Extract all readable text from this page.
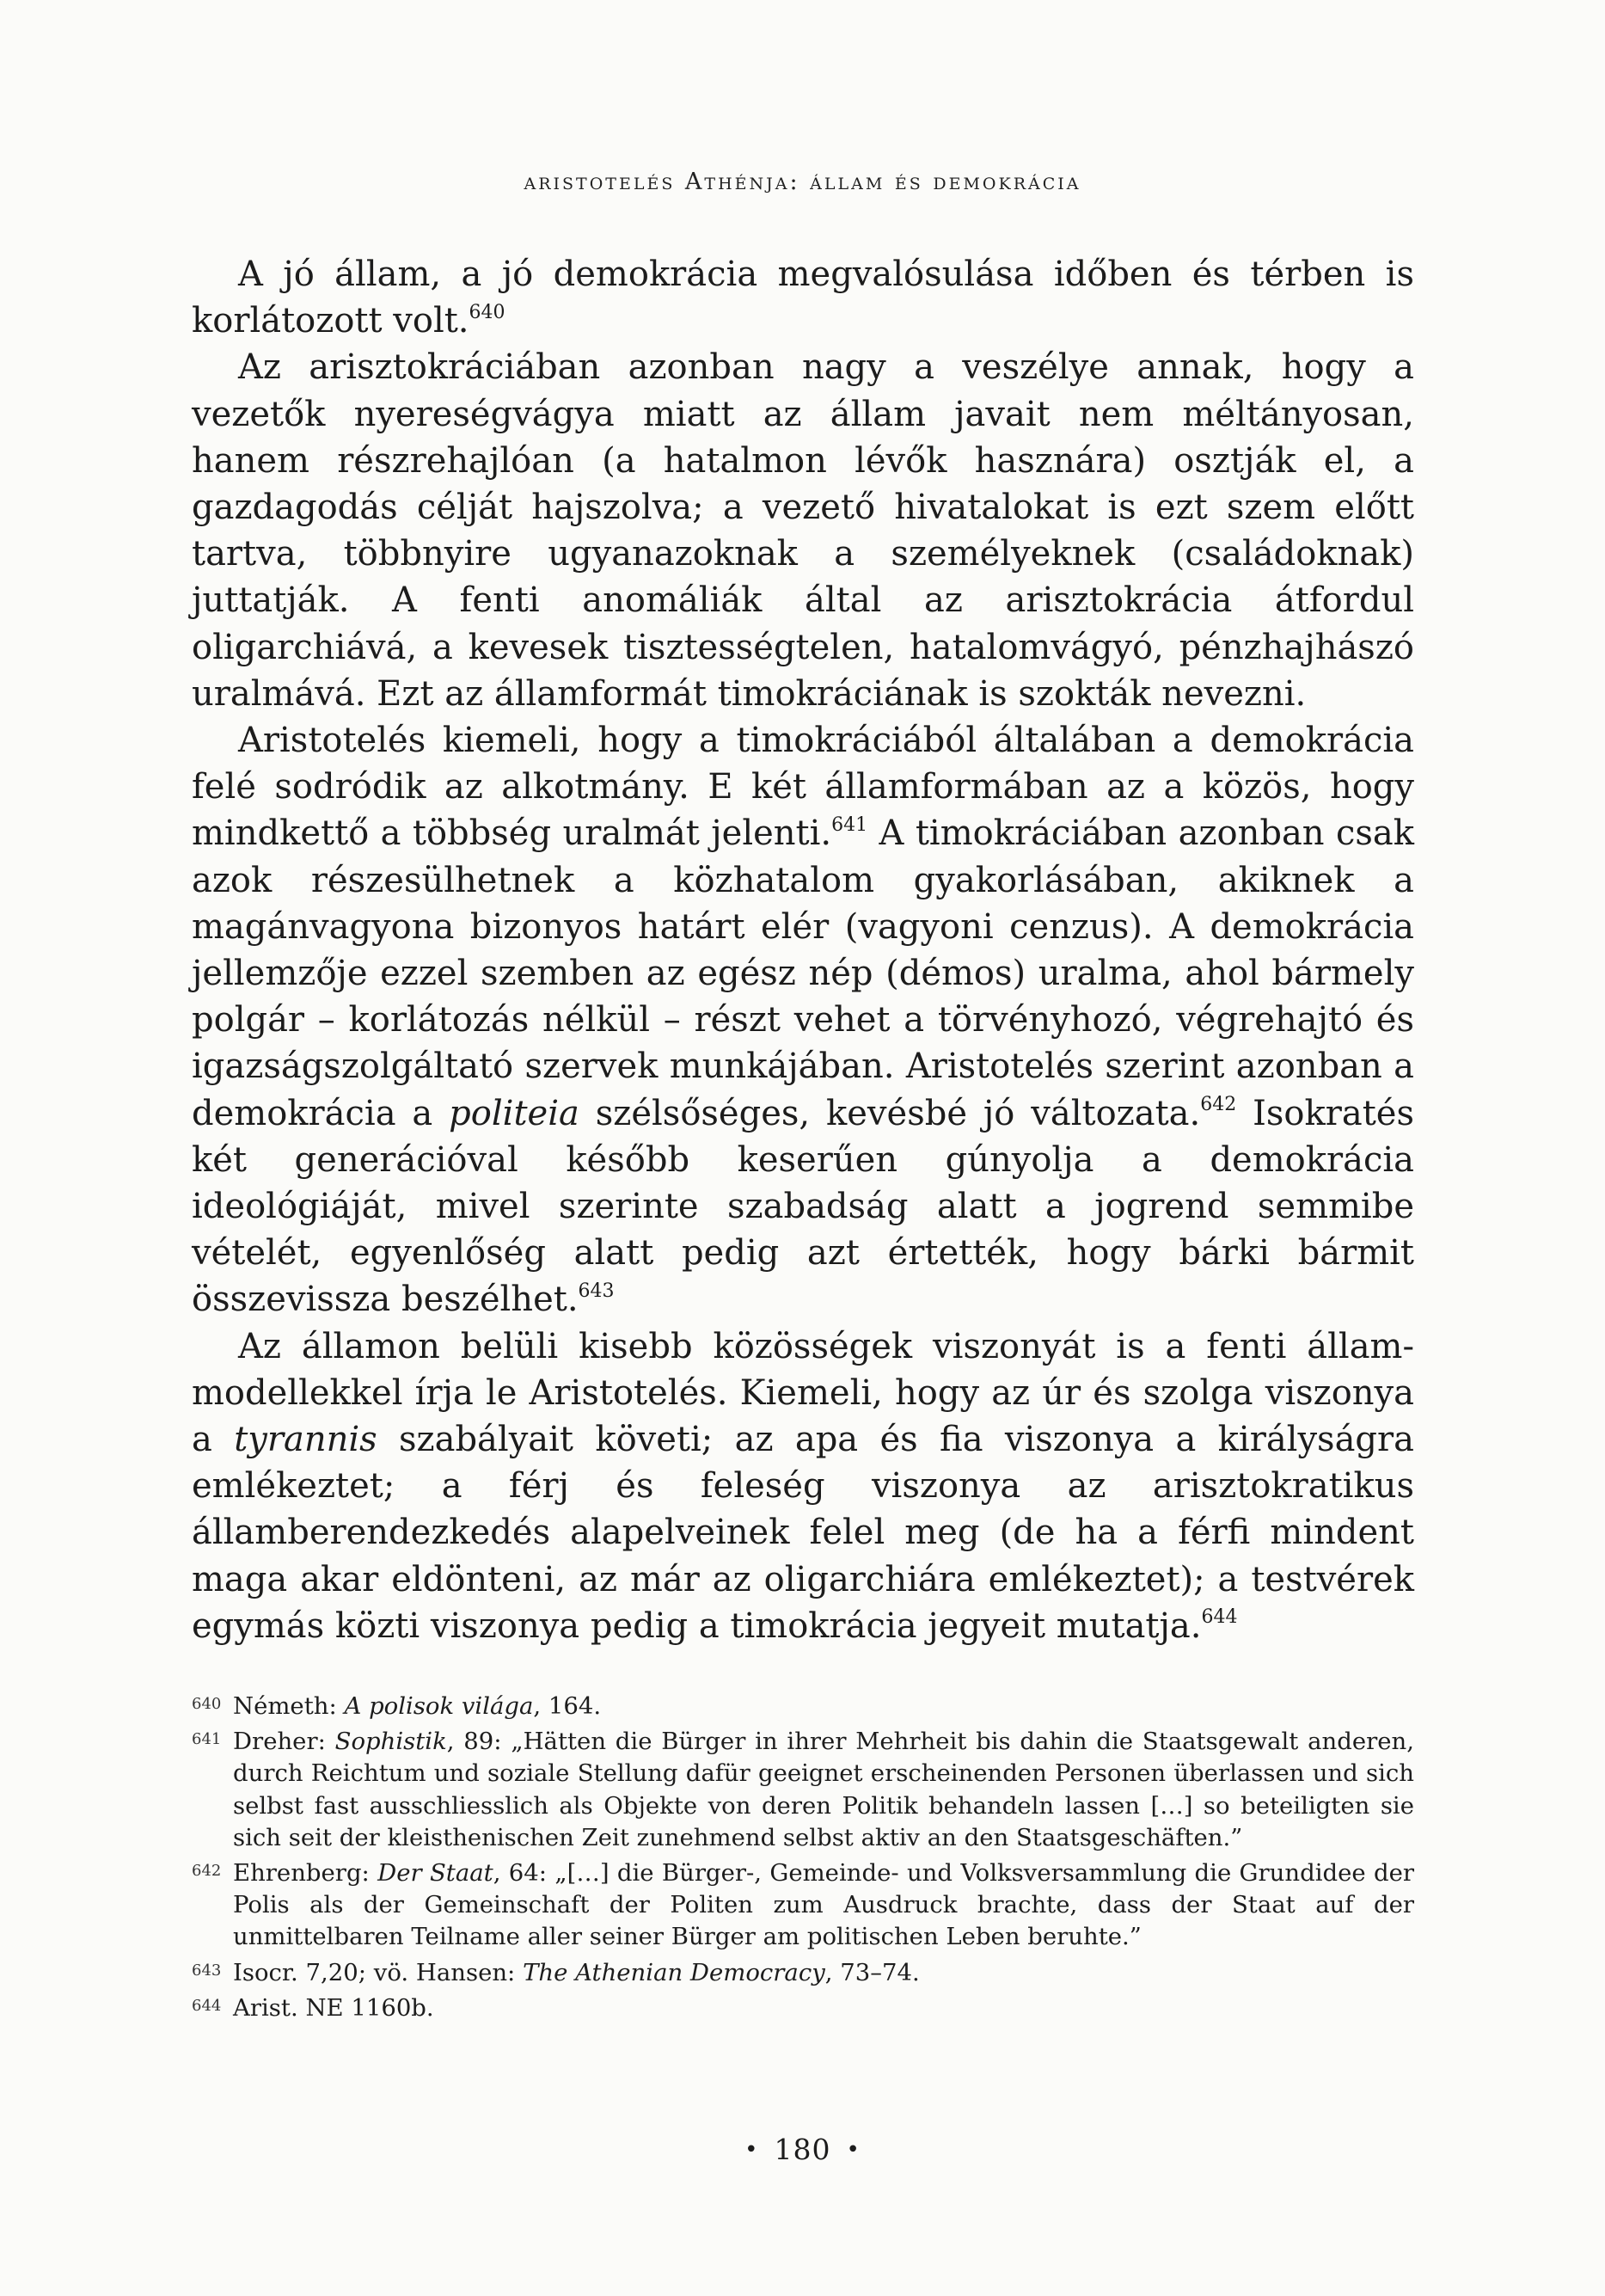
aristotelés Athénja: állam és demokrácia

A jó állam, a jó demokrácia megvalósulása időben és térben is korlátozott volt.$^{640}$

Az arisztokráciában azonban nagy a veszélye annak, hogy a vezetők nyereségvágya miatt az állam javait nem méltányosan, hanem részrehajlóan (a hatalmon lévők hasznára) osztják el, a gazdagodás célját hajszolva; a vezető hivatalokat is ezt szem előtt tartva, többnyire ugyanazoknak a személyeknek (családoknak) juttatják. A fenti anomáliák által az arisztokrácia átfordul oligarchiává, a kevesek tisztességtelen, hatalomvágyó, pénzhajhászó uralmává. Ezt az államformát timokráciának is szokták nevezni.

Aristotelés kiemeli, hogy a timokráciából általában a demokrácia felé sodródik az alkotmány. E két államformában az a közös, hogy mindkettő a többség uralmát jelenti.$^{641}$ A timokráciában azonban csak azok részesülhetnek a közhatalom gyakorlásában, akiknek a magánvagyona bizonyos határt elér (vagyoni cenzus). A demokrácia jellemzője ezzel szemben az egész nép (démos) uralma, ahol bármely polgár – korlátozás nélkül – részt vehet a törvényhozó, végrehajtó és igazságszolgáltató szervek munkájában. Aristotelés szerint azonban a demokrácia a politeia szélsőséges, kevésbé jó változata.$^{642}$ Isokratés két generációval később keserűen gúnyolja a demokrácia ideológiáját, mivel szerinte szabadság alatt a jogrend semmibe vételét, egyenlőség alatt pedig azt értették, hogy bárki bármit összevissza beszélhet.$^{643}$

Az államon belüli kisebb közösségek viszonyát is a fenti állam-modellekkel írja le Aristotelés. Kiemeli, hogy az úr és szolga viszonya a tyrannis szabályait követi; az apa és fia viszonya a királyságra emlékeztet; a férj és feleség viszonya az arisztokratikus államberendezkedés alapelveinek felel meg (de ha a férfi mindent maga akar eldönteni, az már az oligarchiára emlékeztet); a testvérek egymás közti viszonya pedig a timokrácia jegyeit mutatja.$^{644}$

640 Németh: A polisok világa, 164.
641 Dreher: Sophistik, 89: „Hätten die Bürger in ihrer Mehrheit bis dahin die Staatsgewalt anderen, durch Reichtum und soziale Stellung dafür geeignet erscheinenden Personen überlassen und sich selbst fast ausschliesslich als Objekte von deren Politik behandeln lassen […] so beteiligten sie sich seit der kleisthenischen Zeit zunehmend selbst aktiv an den Staatsgeschäften.”
642 Ehrenberg: Der Staat, 64: „[…] die Bürger-, Gemeinde- und Volksversammlung die Grundidee der Polis als der Gemeinschaft der Politen zum Ausdruck brachte, dass der Staat auf der unmittelbaren Teilname aller seiner Bürger am politischen Leben beruhte.”
643 Isocr. 7,20; vö. Hansen: The Athenian Democracy, 73–74.
644 Arist. NE 1160b.
• 180 •
